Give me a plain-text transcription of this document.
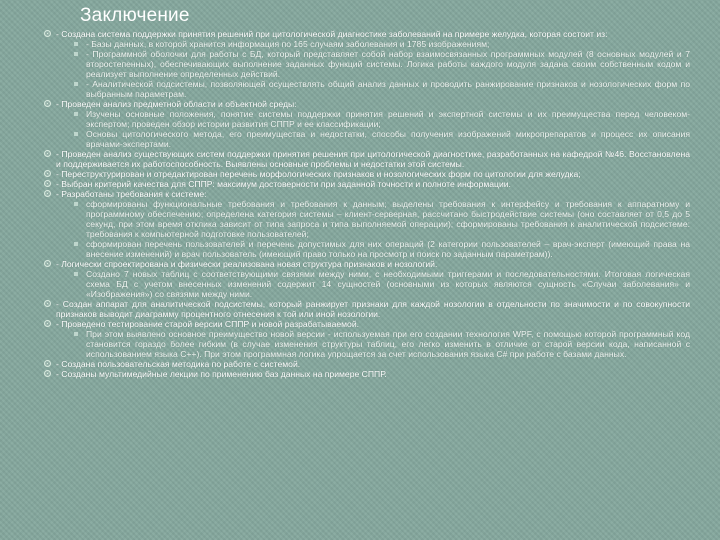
Заключение
- Создана система поддержки принятия решений при цитологической диагностике заболеваний на примере желудка, которая состоит из:
- Базы данных, в которой хранится информация по 165 случаям заболевания и 1785 изображениям;
- Программной оболочки для работы с БД, который представляет собой набор взаимосвязанных программных модулей (8 основных модулей и 7 второстепенных), обеспечивающих выполнение заданных функций системы. Логика работы каждого модуля задана своим собственным кодом и реализует выполнение определенных действий.
- Аналитической подсистемы, позволяющей осуществлять общий анализ данных и проводить ранжирование признаков и нозологических форм по выбранным параметрам.
- Проведен анализ предметной области и объектной среды:
Изучены основные положения, понятие системы поддержки принятия решений и экспертной системы и их преимущества перед человеком-экспертом; проведен обзор истории развития СППР и ее классификации;
Основы цитологического метода, его преимущества и недостатки, способы получения изображений микропрепаратов и процесс их описания врачами-экспертами.
- Проведен анализ существующих систем поддержки принятия решения при цитологической диагностике, разработанных на кафедрой №46. Восстановлена и поддерживается их работоспособность. Выявлены основные проблемы и недостатки этой системы.
- Перeструктурирован и отредактирован перечень морфологических признаков и нозологических форм по цитологии для желудка;
- Выбран критерий качества для СППР: максимум достоверности при заданной точности и полноте информации.
- Разработаны требования к системе:
сформированы функциональные требования и требования к данным; выделены требования к интерфейсу и требования к аппаратному и программному обеспечению; определена категория системы – клиент-серверная, рассчитано быстродействие системы (оно составляет от 0,5 до 5 секунд, при этом время отклика зависит от типа запроса и типа выполняемой операции); сформированы требования к аналитической подсистеме: требования к компьютерной подготовке пользователей;
сформирован перечень пользователей и перечень допустимых для них операций (2 категории пользователей – врач-эксперт (имеющий права на внесение изменений) и врач пользователь (имеющий право только на просмотр и поиск по заданным параметрам)).
- Логически спроектирована и физически реализована новая структура признаков и нозологий.
Создано 7 новых таблиц с соответствующими связями между ними, с необходимыми триггерами и последовательностями. Итоговая логическая схема БД с учетом внесенных изменений содержит 14 сущностей (основными из которых являются сущность «Случаи заболевания» и «Изображения») со связями между ними.
- Создан аппарат для аналитической подсистемы, который ранжирует признаки для каждой нозологии в отдельности по значимости и по совокупности признаков выводит диаграмму процентного отнесения к той или иной нозологии.
- Проведено тестирование старой версии СППР и новой разрабатываемой.
При этом выявлено основное преимущество новой версии - используемая при его создании технология WPF, с помощью которой программный код становится гораздо более гибким (в случае изменения структуры таблиц, его легко изменить в отличие от старой версии кода, написанной с использованием языка C++). При этом программная логика упрощается за счет использования языка C# при работе с базами данных.
- Создана пользовательская методика по работе с системой.
- Созданы мультимедийные лекции по применению баз данных на примере СППР.
